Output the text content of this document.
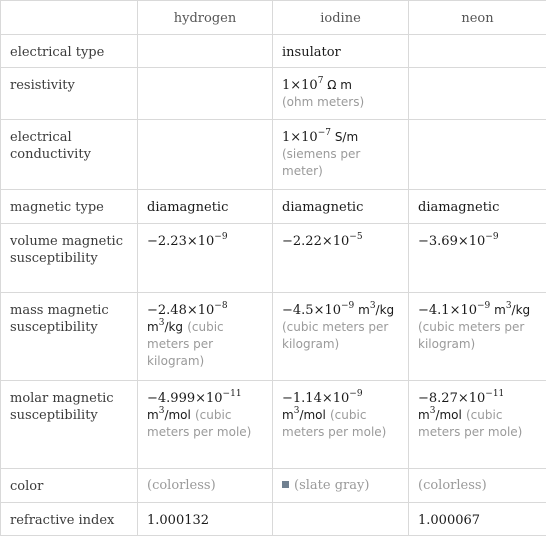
	hydrogen	iodine	neon
electrical type		insulator	
resistivity		$1\times 10^7$ Ω m
(ohm meters)	
electrical conductivity		$1\times 10^{-7}$ S/m
(siemens per meter)	
magnetic type	diamagnetic	diamagnetic	diamagnetic
volume magnetic susceptibility	$-2.23\times 10^{-9}$	$-2.22\times 10^{-5}$	$-3.69\times 10^{-9}$
mass magnetic susceptibility	$-2.48\times 10^{-8}$ $m^3/kg$ (cubic meters per kilogram)	$-4.5\times 10^{-9}$ $m^3/kg$ (cubic meters per kilogram)	$-4.1\times 10^{-9}$ $m^3/kg$ (cubic meters per kilogram)
molar magnetic susceptibility	$-4.999\times 10^{-11}$ $m^3$/mol (cubic meters per mole)	$-1.14\times 10^{-9}$ $m^3$/mol (cubic meters per mole)	$-8.27\times 10^{-11}$ $m^3$/mol (cubic meters per mole)
color	(colorless)	(slate gray)	(colorless)
refractive index	1.000132		1.000067
